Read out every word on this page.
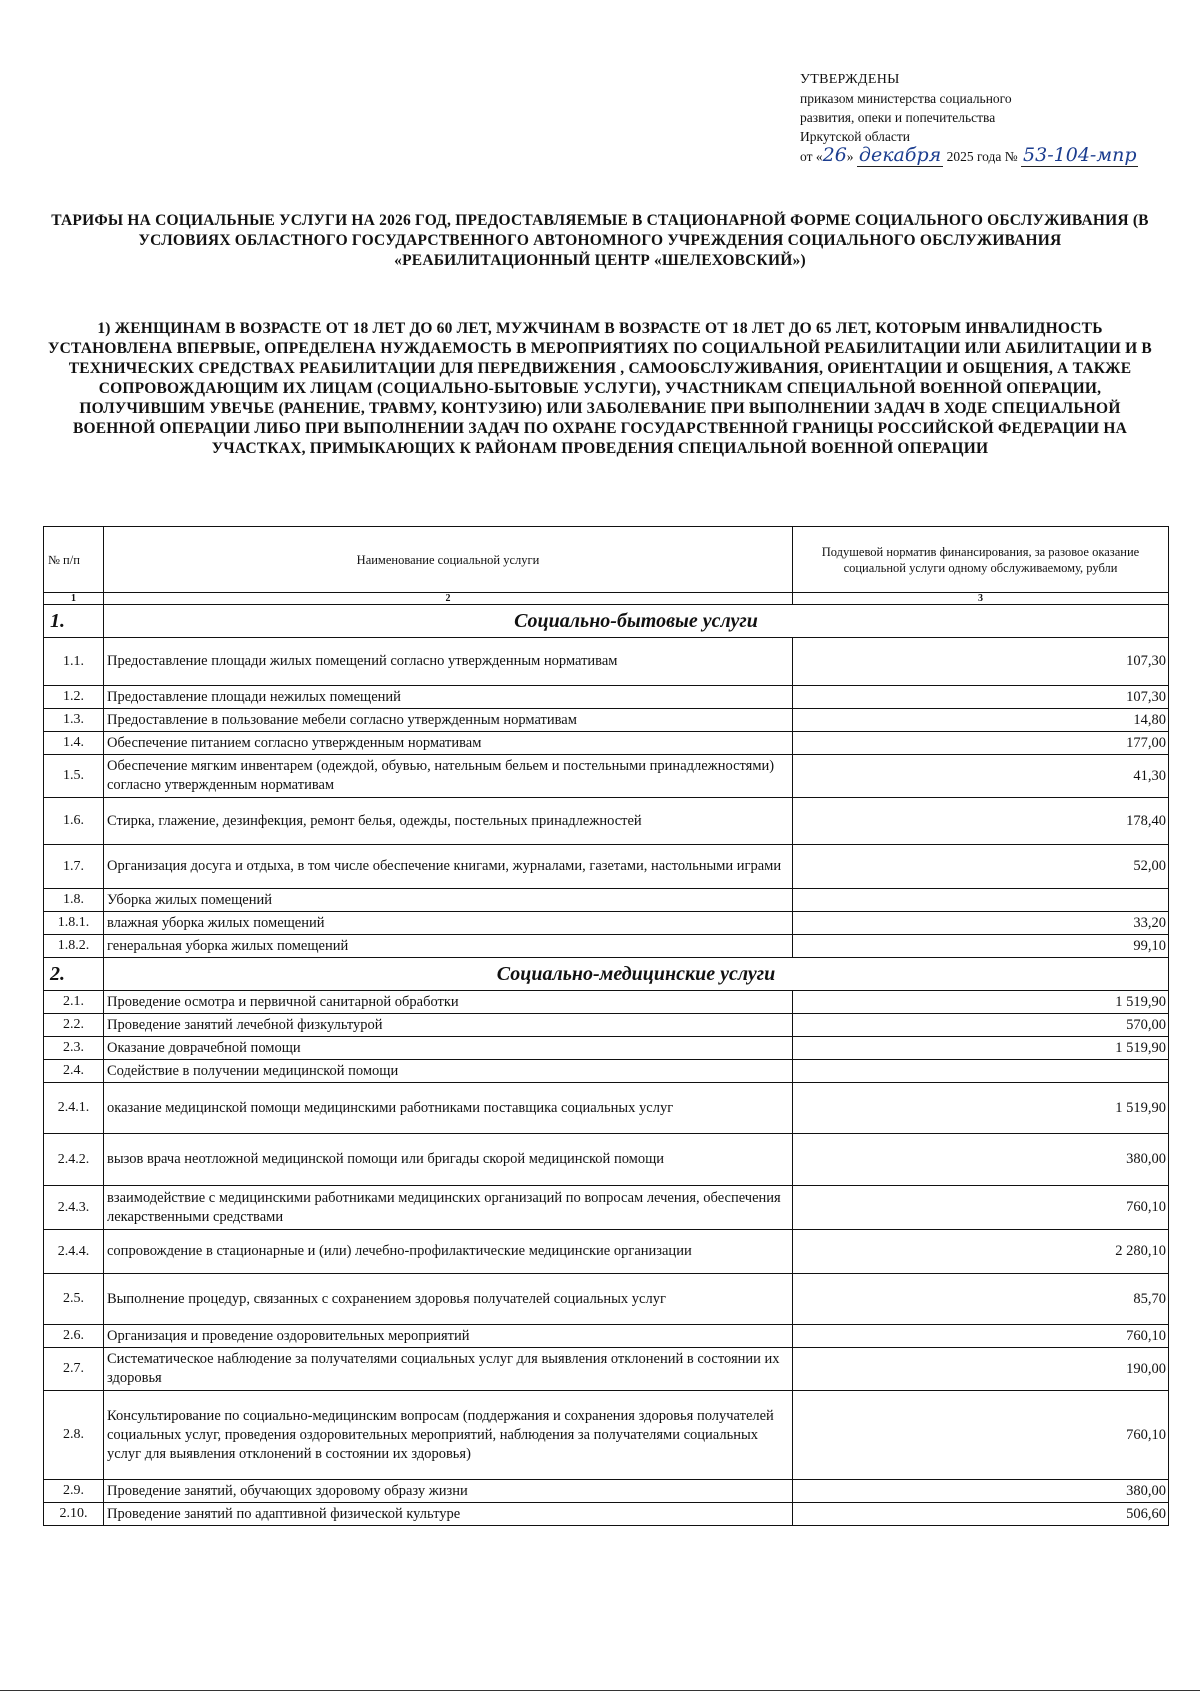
УТВЕРЖДЕНЫ
приказом министерства социального
развития, опеки и попечительства
Иркутской области
от «26» декабря 2025 года № 53-104-мпр
ТАРИФЫ НА СОЦИАЛЬНЫЕ УСЛУГИ НА 2026 ГОД, ПРЕДОСТАВЛЯЕМЫЕ В СТАЦИОНАРНОЙ ФОРМЕ СОЦИАЛЬНОГО ОБСЛУЖИВАНИЯ (В УСЛОВИЯХ ОБЛАСТНОГО ГОСУДАРСТВЕННОГО АВТОНОМНОГО УЧРЕЖДЕНИЯ СОЦИАЛЬНОГО ОБСЛУЖИВАНИЯ «РЕАБИЛИТАЦИОННЫЙ ЦЕНТР «ШЕЛЕХОВСКИЙ»)
1) ЖЕНЩИНАМ В ВОЗРАСТЕ ОТ 18 ЛЕТ ДО 60 ЛЕТ, МУЖЧИНАМ В ВОЗРАСТЕ ОТ 18 ЛЕТ ДО 65 ЛЕТ, КОТОРЫМ ИНВАЛИДНОСТЬ УСТАНОВЛЕНА ВПЕРВЫЕ, ОПРЕДЕЛЕНА НУЖДАЕМОСТЬ В МЕРОПРИЯТИЯХ ПО СОЦИАЛЬНОЙ РЕАБИЛИТАЦИИ ИЛИ АБИЛИТАЦИИ И В ТЕХНИЧЕСКИХ СРЕДСТВАХ РЕАБИЛИТАЦИИ ДЛЯ ПЕРЕДВИЖЕНИЯ , САМООБСЛУЖИВАНИЯ, ОРИЕНТАЦИИ И ОБЩЕНИЯ, А ТАКЖЕ СОПРОВОЖДАЮЩИМ ИХ ЛИЦАМ (СОЦИАЛЬНО-БЫТОВЫЕ УСЛУГИ), УЧАСТНИКАМ СПЕЦИАЛЬНОЙ ВОЕННОЙ ОПЕРАЦИИ, ПОЛУЧИВШИМ УВЕЧЬЕ (РАНЕНИЕ, ТРАВМУ, КОНТУЗИЮ) ИЛИ ЗАБОЛЕВАНИЕ ПРИ ВЫПОЛНЕНИИ ЗАДАЧ В ХОДЕ СПЕЦИАЛЬНОЙ ВОЕННОЙ ОПЕРАЦИИ ЛИБО ПРИ ВЫПОЛНЕНИИ ЗАДАЧ ПО ОХРАНЕ ГОСУДАРСТВЕННОЙ ГРАНИЦЫ РОССИЙСКОЙ ФЕДЕРАЦИИ НА УЧАСТКАХ, ПРИМЫКАЮЩИХ К РАЙОНАМ ПРОВЕДЕНИЯ СПЕЦИАЛЬНОЙ ВОЕННОЙ ОПЕРАЦИИ
№ п/п	Наименование социальной услуги	Подушевой норматив финансирования, за разовое оказание социальной услуги одному обслуживаемому, рубли
1	2	3
1.	Социально-бытовые услуги	
1.1.	Предоставление площади жилых помещений согласно утвержденным нормативам	107,30
1.2.	Предоставление площади нежилых помещений	107,30
1.3.	Предоставление в пользование мебели согласно утвержденным нормативам	14,80
1.4.	Обеспечение питанием согласно утвержденным нормативам	177,00
1.5.	Обеспечение мягким инвентарем (одеждой, обувью, нательным бельем и постельными принадлежностями) согласно утвержденным нормативам	41,30
1.6.	Стирка, глажение, дезинфекция, ремонт белья, одежды, постельных принадлежностей	178,40
1.7.	Организация досуга и отдыха, в том числе обеспечение книгами, журналами, газетами, настольными играми	52,00
1.8.	Уборка жилых помещений	
1.8.1.	влажная уборка жилых помещений	33,20
1.8.2.	генеральная уборка жилых помещений	99,10
2.	Социально-медицинские услуги	
2.1.	Проведение осмотра и первичной санитарной обработки	1 519,90
2.2.	Проведение занятий лечебной физкультурой	570,00
2.3.	Оказание доврачебной помощи	1 519,90
2.4.	Содействие в получении медицинской помощи	
2.4.1.	оказание медицинской помощи медицинскими работниками поставщика социальных услуг	1 519,90
2.4.2.	вызов врача неотложной медицинской помощи или бригады скорой медицинской помощи	380,00
2.4.3.	взаимодействие с медицинскими работниками медицинских организаций по вопросам лечения, обеспечения лекарственными средствами	760,10
2.4.4.	сопровождение в стационарные и (или) лечебно-профилактические медицинские организации	2 280,10
2.5.	Выполнение процедур, связанных с сохранением здоровья получателей социальных услуг	85,70
2.6.	Организация и проведение оздоровительных мероприятий	760,10
2.7.	Систематическое наблюдение за получателями социальных услуг для выявления отклонений в состоянии их здоровья	190,00
2.8.	Консультирование по социально-медицинским вопросам (поддержания и сохранения здоровья получателей социальных услуг, проведения оздоровительных мероприятий, наблюдения за получателями социальных услуг для выявления отклонений в состоянии их здоровья)	760,10
2.9.	Проведение занятий, обучающих здоровому образу жизни	380,00
2.10.	Проведение занятий по адаптивной физической культуре	506,60
